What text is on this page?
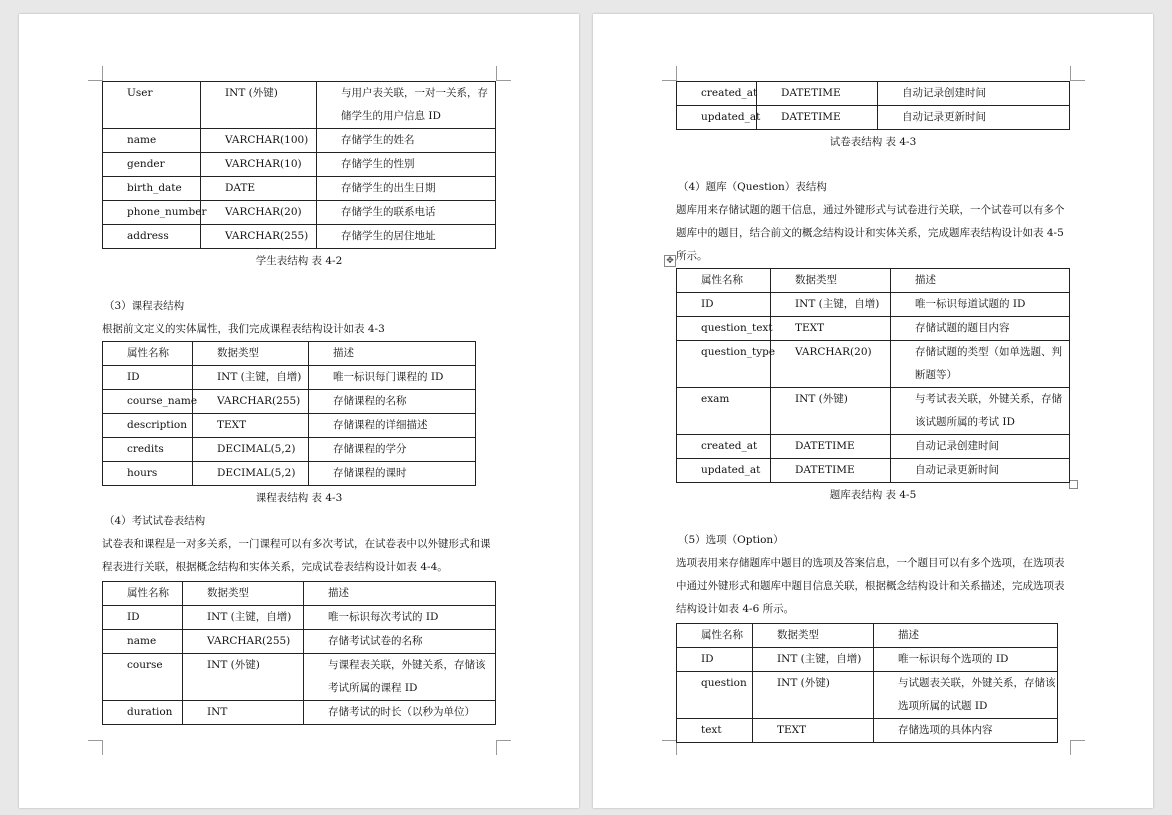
User	INT (外键)	与用户表关联，一对一关系，存储学生的用户信息 ID
name	VARCHAR(100)	存储学生的姓名
gender	VARCHAR(10)	存储学生的性别
birth_date	DATE	存储学生的出生日期
phone_number	VARCHAR(20)	存储学生的联系电话
address	VARCHAR(255)	存储学生的居住地址
学生表结构 表 4-2
（3）课程表结构
根据前文定义的实体属性，我们完成课程表结构设计如表 4-3
属性名称	数据类型	描述
ID	INT (主键，自增)	唯一标识每门课程的 ID
course_name	VARCHAR(255)	存储课程的名称
description	TEXT	存储课程的详细描述
credits	DECIMAL(5,2)	存储课程的学分
hours	DECIMAL(5,2)	存储课程的课时
课程表结构 表 4-3
（4）考试试卷表结构
试卷表和课程是一对多关系，一门课程可以有多次考试，在试卷表中以外键形式和课程表进行关联，根据概念结构和实体关系，完成试卷表结构设计如表 4-4。
属性名称	数据类型	描述
ID	INT (主键，自增)	唯一标识每次考试的 ID
name	VARCHAR(255)	存储考试试卷的名称
course	INT (外键)	与课程表关联，外键关系，存储该考试所属的课程 ID
duration	INT	存储考试的时长（以秒为单位）
✥
created_at	DATETIME	自动记录创建时间
updated_at	DATETIME	自动记录更新时间
试卷表结构 表 4-3
（4）题库（Question）表结构
题库用来存储试题的题干信息，通过外键形式与试卷进行关联，一个试卷可以有多个题库中的题目，结合前文的概念结构设计和实体关系，完成题库表结构设计如表 4-5 所示。
属性名称	数据类型	描述
ID	INT (主键，自增)	唯一标识每道试题的 ID
question_text	TEXT	存储试题的题目内容
question_type	VARCHAR(20)	存储试题的类型（如单选题、判断题等）
exam	INT (外键)	与考试表关联，外键关系，存储该试题所属的考试 ID
created_at	DATETIME	自动记录创建时间
updated_at	DATETIME	自动记录更新时间
题库表结构 表 4-5
（5）选项（Option）
选项表用来存储题库中题目的选项及答案信息，一个题目可以有多个选项，在选项表中通过外键形式和题库中题目信息关联，根据概念结构设计和关系描述，完成选项表结构设计如表 4-6 所示。
属性名称	数据类型	描述
ID	INT (主键，自增)	唯一标识每个选项的 ID
question	INT (外键)	与试题表关联，外键关系，存储该选项所属的试题 ID
text	TEXT	存储选项的具体内容
